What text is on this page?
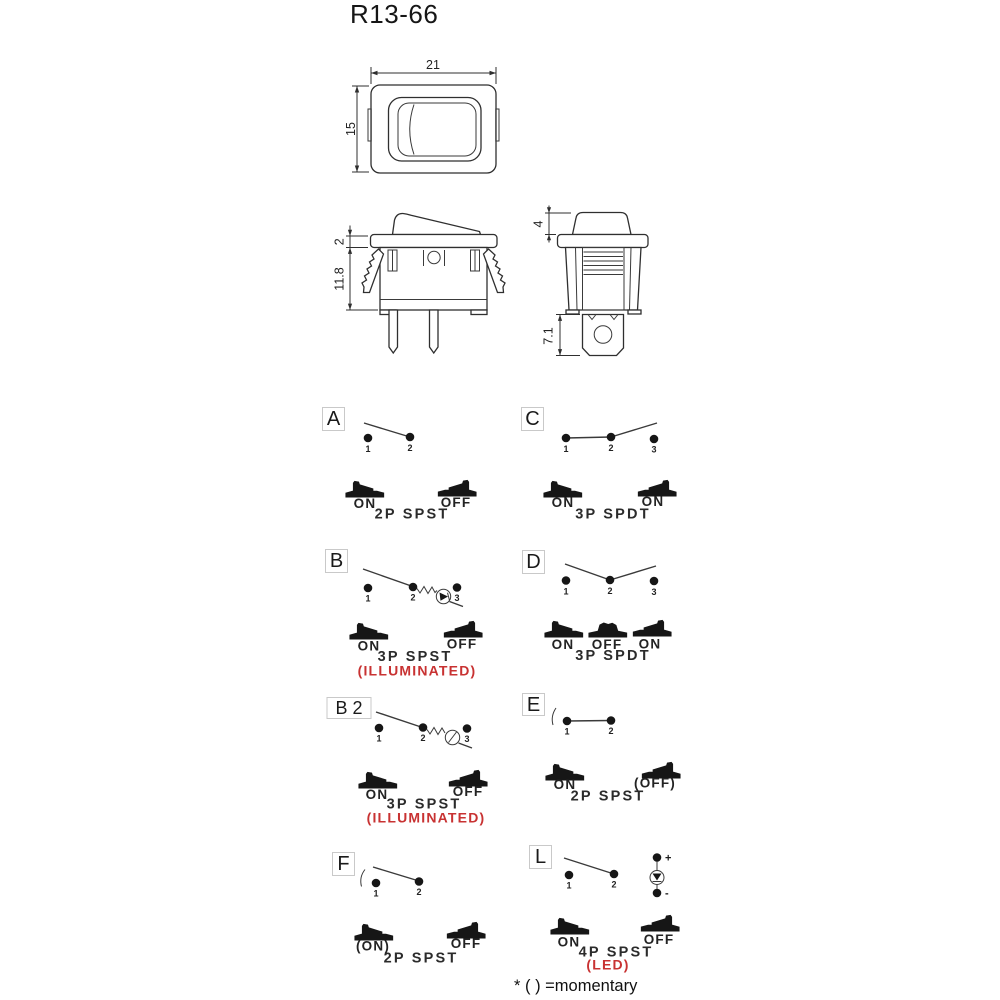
R13-66
21
15
2
11.8
4
7.1
A
1	2
ON	OFF
2P SPST
C
1	2	3
ON	ON
3P SPDT
B
1	2	3
ON	OFF
3P SPST
(ILLUMINATED)
D
1	2	3
ON OFF ON
3P SPDT
B 2
1	2	3
ON	OFF
3P SPST
(ILLUMINATED)
E
1	2
ON	(OFF)
2P SPST
F
1	2
(ON)	OFF
2P SPST
L
1	2
+
-
ON	OFF
4P SPST
(LED)
* ( ) =momentary
